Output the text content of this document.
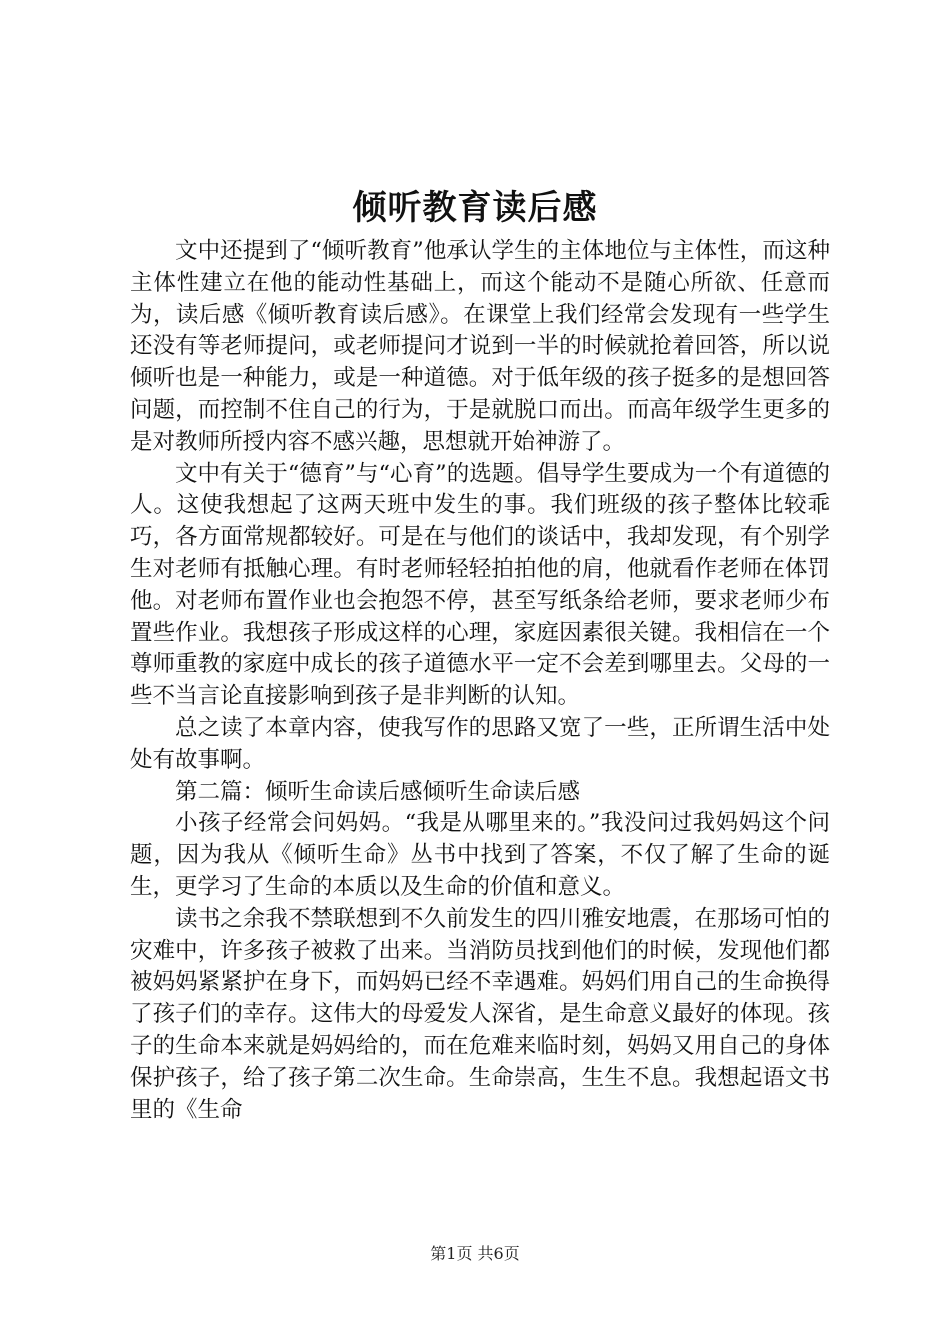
倾听教育读后感

文中还提到了“倾听教育”他承认学生的主体地位与主体性，而这种主体性建立在他的能动性基础上，而这个能动不是随心所欲、任意而为，读后感《倾听教育读后感》。在课堂上我们经常会发现有一些学生还没有等老师提问，或老师提问才说到一半的时候就抢着回答，所以说倾听也是一种能力，或是一种道德。对于低年级的孩子挺多的是想回答问题，而控制不住自己的行为，于是就脱口而出。而高年级学生更多的是对教师所授内容不感兴趣，思想就开始神游了。

文中有关于“德育”与“心育”的选题。倡导学生要成为一个有道德的人。这使我想起了这两天班中发生的事。我们班级的孩子整体比较乖巧，各方面常规都较好。可是在与他们的谈话中，我却发现，有个别学生对老师有抵触心理。有时老师轻轻拍拍他的肩，他就看作老师在体罚他。对老师布置作业也会抱怨不停，甚至写纸条给老师，要求老师少布置些作业。我想孩子形成这样的心理，家庭因素很关键。我相信在一个尊师重教的家庭中成长的孩子道德水平一定不会差到哪里去。父母的一些不当言论直接影响到孩子是非判断的认知。

总之读了本章内容，使我写作的思路又宽了一些，正所谓生活中处处有故事啊。

第二篇：倾听生命读后感倾听生命读后感

小孩子经常会问妈妈。“我是从哪里来的。”我没问过我妈妈这个问题，因为我从《倾听生命》丛书中找到了答案，不仅了解了生命的诞生，更学习了生命的本质以及生命的价值和意义。

读书之余我不禁联想到不久前发生的四川雅安地震，在那场可怕的灾难中，许多孩子被救了出来。当消防员找到他们的时候，发现他们都被妈妈紧紧护在身下，而妈妈已经不幸遇难。妈妈们用自己的生命换得了孩子们的幸存。这伟大的母爱发人深省，是生命意义最好的体现。孩子的生命本来就是妈妈给的，而在危难来临时刻，妈妈又用自己的身体保护孩子，给了孩子第二次生命。生命崇高，生生不息。我想起语文书里的《生命

第1页 共6页
